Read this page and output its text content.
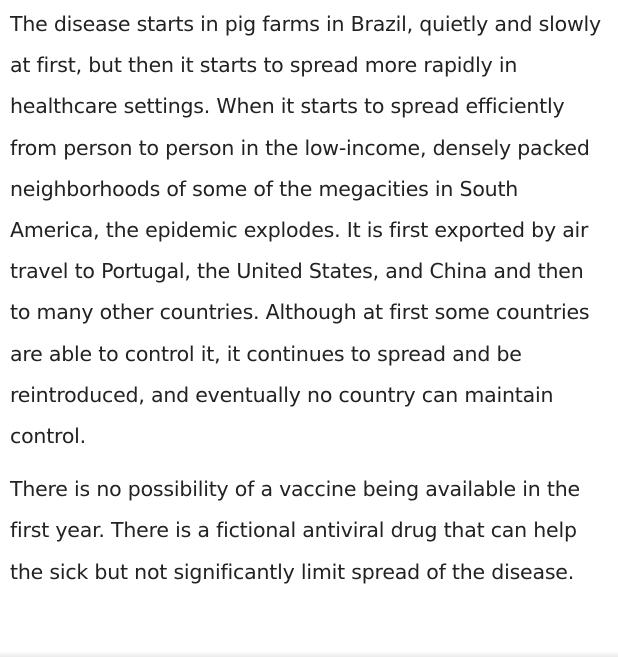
The disease starts in pig farms in Brazil, quietly and slowly at first, but then it starts to spread more rapidly in healthcare settings. When it starts to spread efficiently from person to person in the low-income, densely packed neighborhoods of some of the megacities in South America, the epidemic explodes. It is first exported by air travel to Portugal, the United States, and China and then to many other countries. Although at first some countries are able to control it, it continues to spread and be reintroduced, and eventually no country can maintain control.

There is no possibility of a vaccine being available in the first year. There is a fictional antiviral drug that can help the sick but not significantly limit spread of the disease.
